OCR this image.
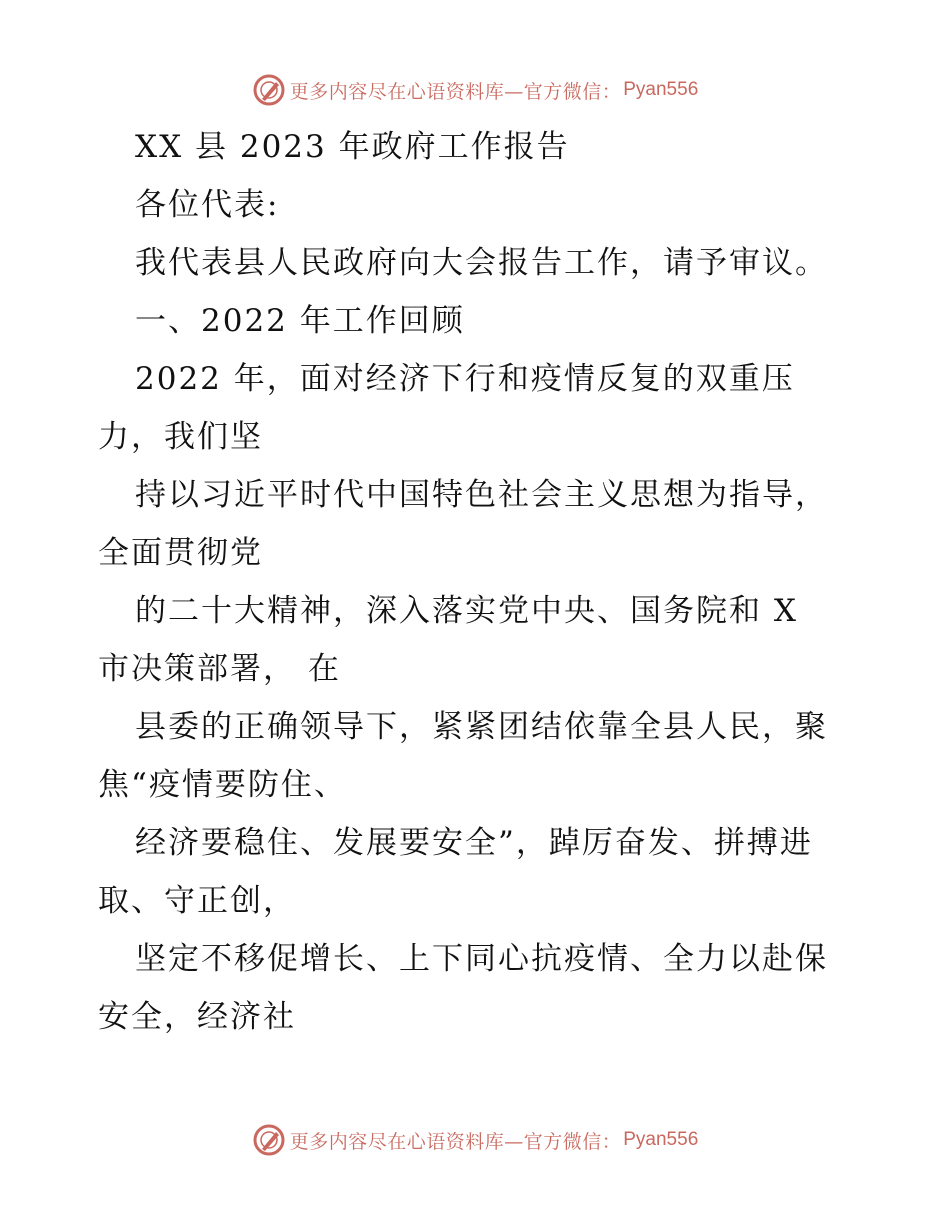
更多内容尽在心语资料库—官方微信： Pyan556
XX 县 2023 年政府工作报告
各位代表:
我代表县人民政府向大会报告工作，请予审议。
一、2022 年工作回顾
2022 年，面对经济下行和疫情反复的双重压
力，我们坚
持以习近平时代中国特色社会主义思想为指导，
全面贯彻党
的二十大精神，深入落实党中央、国务院和 X
市决策部署， 在
县委的正确领导下，紧紧团结依靠全县人民，聚
焦“疫情要防住、
经济要稳住、发展要安全”，踔厉奋发、拼搏进
取、守正创，
坚定不移促增长、上下同心抗疫情、全力以赴保
安全，经济社
更多内容尽在心语资料库—官方微信： Pyan556
